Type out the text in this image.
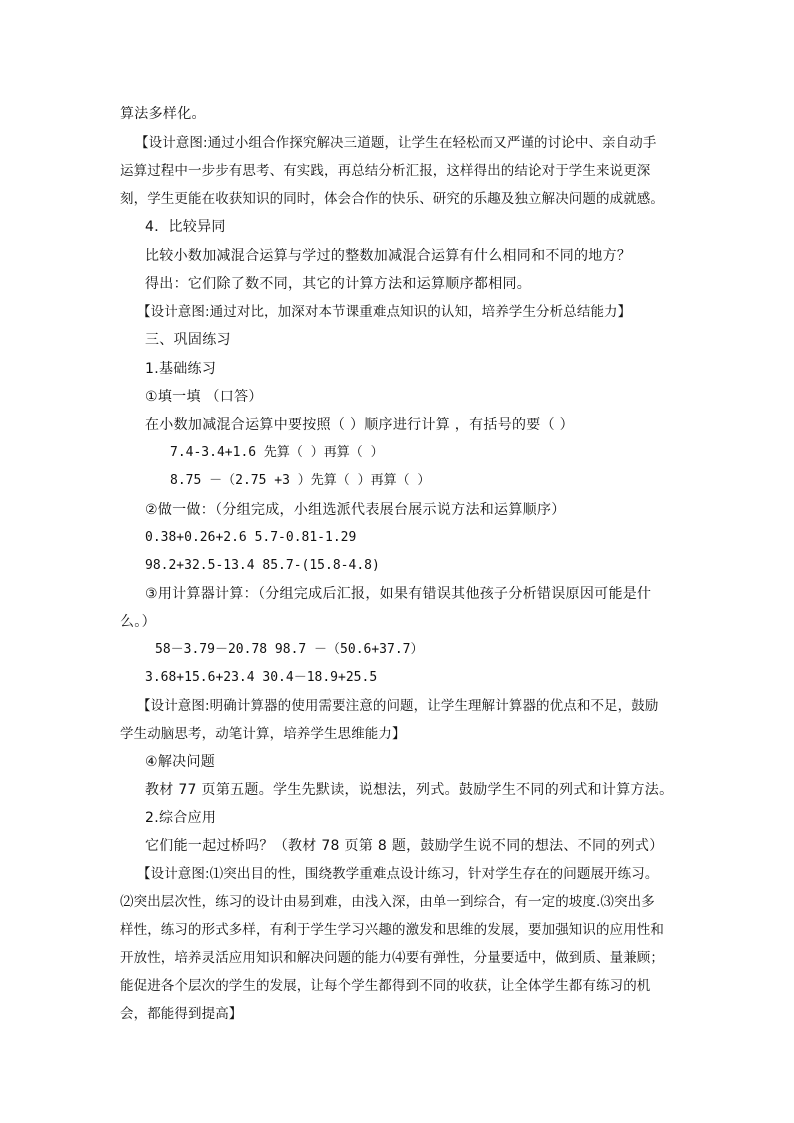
算法多样化。
【设计意图:通过小组合作探究解决三道题，让学生在轻松而又严谨的讨论中、亲自动手
运算过程中一步步有思考、有实践，再总结分析汇报，这样得出的结论对于学生来说更深
刻，学生更能在收获知识的同时，体会合作的快乐、研究的乐趣及独立解决问题的成就感。
4．比较异同
比较小数加减混合运算与学过的整数加减混合运算有什么相同和不同的地方？
得出：它们除了数不同，其它的计算方法和运算顺序都相同。
【设计意图:通过对比，加深对本节课重难点知识的认知，培养学生分析总结能力】
三、巩固练习
1.基础练习
①填一填 （口答）
在小数加减混合运算中要按照（ ）顺序进行计算 ，有括号的要（ ）
7.4-3.4+1.6 先算（ ）再算（ ）
8.75 －（2.75 +3 ）先算（ ）再算（ ）
②做一做：（分组完成，小组选派代表展台展示说方法和运算顺序）
0.38+0.26+2.6 5.7-0.81-1.29
98.2+32.5-13.4 85.7-(15.8-4.8)
③用计算器计算：（分组完成后汇报，如果有错误其他孩子分析错误原因可能是什
么。）
58－3.79－20.78 98.7 －（50.6+37.7）
3.68+15.6+23.4 30.4－18.9+25.5
【设计意图:明确计算器的使用需要注意的问题，让学生理解计算器的优点和不足，鼓励
学生动脑思考，动笔计算，培养学生思维能力】
④解决问题
教材 77 页第五题。学生先默读，说想法，列式。鼓励学生不同的列式和计算方法。
2.综合应用
它们能一起过桥吗？（教材 78 页第 8 题，鼓励学生说不同的想法、不同的列式）
【设计意图:⑴突出目的性，围绕教学重难点设计练习，针对学生存在的问题展开练习。
⑵突出层次性，练习的设计由易到难，由浅入深，由单一到综合，有一定的坡度.⑶突出多
样性，练习的形式多样，有利于学生学习兴趣的激发和思维的发展，要加强知识的应用性和
开放性，培养灵活应用知识和解决问题的能力⑷要有弹性，分量要适中，做到质、量兼顾；
能促进各个层次的学生的发展，让每个学生都得到不同的收获，让全体学生都有练习的机
会，都能得到提高】
